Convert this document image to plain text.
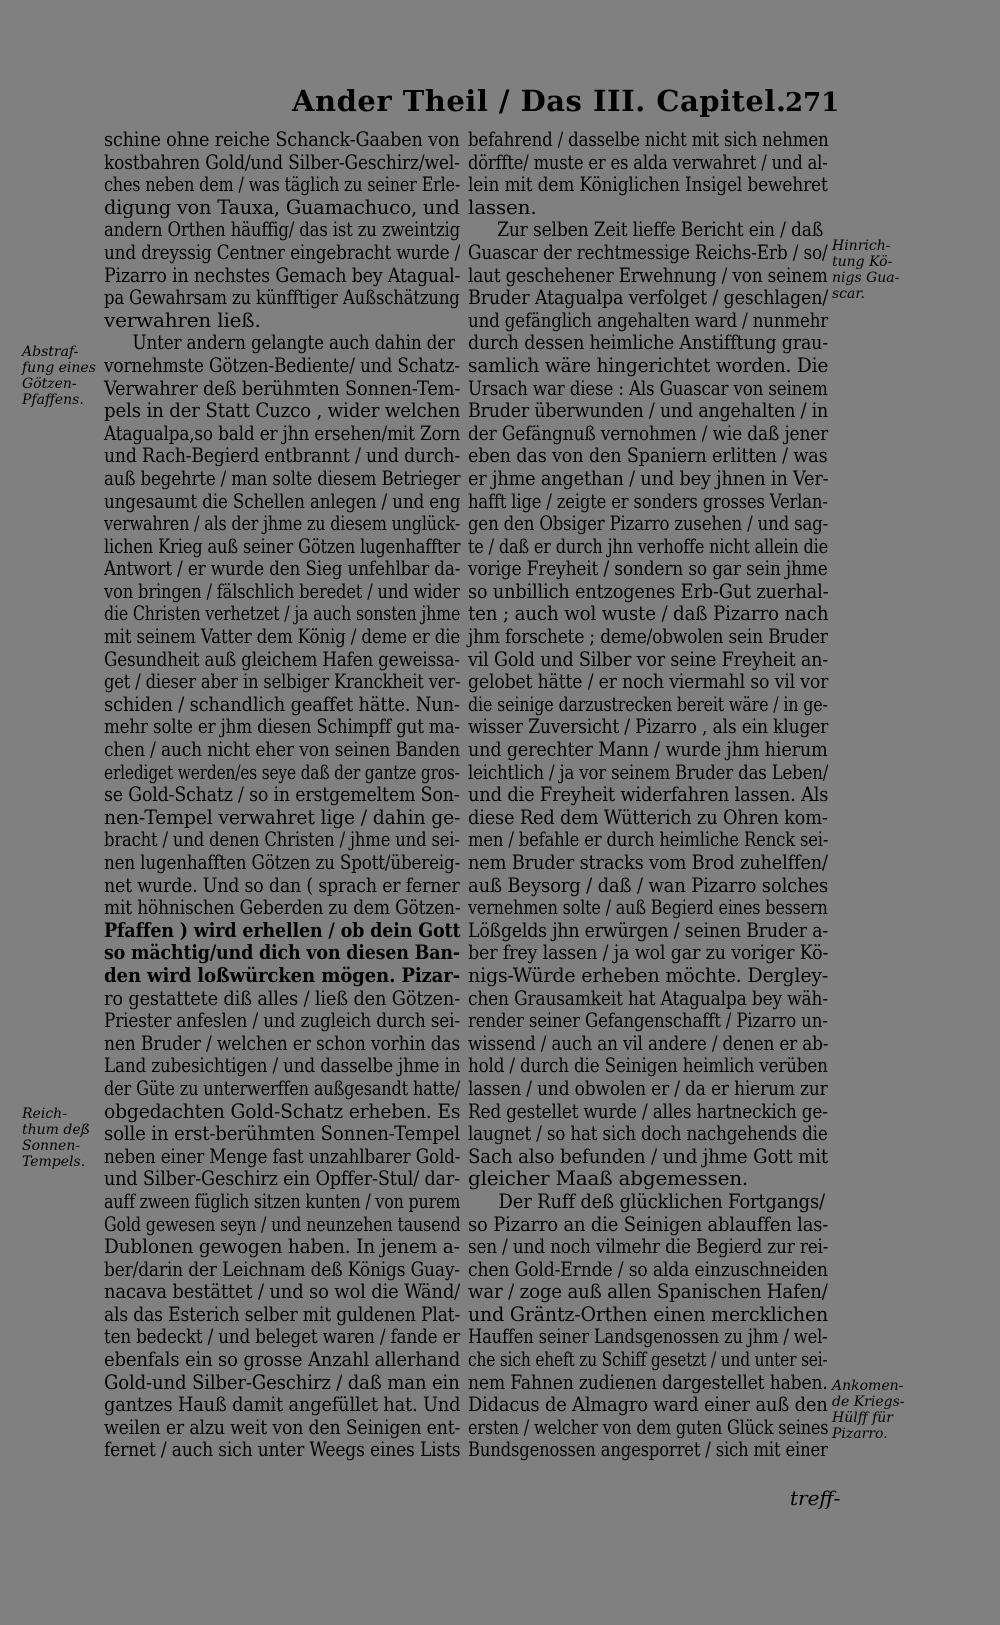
Ander Theil / Das III. Capitel.
271
schine ohne reiche Schanck-Gaaben von
kostbahren Gold/und Silber-Geschirz/wel-
ches neben dem / was täglich zu seiner Erle-
digung von Tauxa, Guamachuco, und
andern Orthen häuffig/ das ist zu zweintzig
und dreyssig Centner eingebracht wurde /
Pizarro in nechstes Gemach bey Atagual-
pa Gewahrsam zu künfftiger Außschätzung
verwahren ließ.
Unter andern gelangte auch dahin der
vornehmste Götzen-Bediente/ und Schatz-
Verwahrer deß berühmten Sonnen-Tem-
pels in der Statt Cuzco , wider welchen
Atagualpa,so bald er jhn ersehen/mit Zorn
und Rach-Begierd entbrannt / und durch-
auß begehrte / man solte diesem Betrieger
ungesaumt die Schellen anlegen / und eng
verwahren / als der jhme zu diesem unglück-
lichen Krieg auß seiner Götzen lugenhaffter
Antwort / er wurde den Sieg unfehlbar da-
von bringen / fälschlich beredet / und wider
die Christen verhetzet / ja auch sonsten jhme
mit seinem Vatter dem König / deme er die
Gesundheit auß gleichem Hafen geweissa-
get / dieser aber in selbiger Kranckheit ver-
schiden / schandlich geaffet hätte. Nun-
mehr solte er jhm diesen Schimpff gut ma-
chen / auch nicht eher von seinen Banden
erlediget werden/es seye daß der gantze gros-
se Gold-Schatz / so in erstgemeltem Son-
nen-Tempel verwahret lige / dahin ge-
bracht / und denen Christen / jhme und sei-
nen lugenhafften Götzen zu Spott/übereig-
net wurde. Und so dan ( sprach er ferner
mit höhnischen Geberden zu dem Götzen-
Pfaffen ) wird erhellen / ob dein Gott
so mächtig/und dich von diesen Ban-
den wird loßwürcken mögen. Pizar-
ro gestattete diß alles / ließ den Götzen-
Priester anfeslen / und zugleich durch sei-
nen Bruder / welchen er schon vorhin das
Land zubesichtigen / und dasselbe jhme in
der Güte zu unterwerffen außgesandt hatte/
obgedachten Gold-Schatz erheben. Es
solle in erst-berühmten Sonnen-Tempel
neben einer Menge fast unzahlbarer Gold-
und Silber-Geschirz ein Opffer-Stul/ dar-
auff zween füglich sitzen kunten / von purem
Gold gewesen seyn / und neunzehen tausend
Dublonen gewogen haben. In jenem a-
ber/darin der Leichnam deß Königs Guay-
nacava bestättet / und so wol die Wänd/
als das Esterich selber mit guldenen Plat-
ten bedeckt / und beleget waren / fande er
ebenfals ein so grosse Anzahl allerhand
Gold-und Silber-Geschirz / daß man ein
gantzes Hauß damit angefüllet hat. Und
weilen er alzu weit von den Seinigen ent-
fernet / auch sich unter Weegs eines Lists
befahrend / dasselbe nicht mit sich nehmen
dörffte/ muste er es alda verwahret / und al-
lein mit dem Königlichen Insigel bewehret
lassen.
Zur selben Zeit lieffe Bericht ein / daß
Guascar der rechtmessige Reichs-Erb / so/
laut geschehener Erwehnung / von seinem
Bruder Atagualpa verfolget / geschlagen/
und gefänglich angehalten ward / nunmehr
durch dessen heimliche Anstifftung grau-
samlich wäre hingerichtet worden. Die
Ursach war diese : Als Guascar von seinem
Bruder überwunden / und angehalten / in
der Gefängnuß vernohmen / wie daß jener
eben das von den Spaniern erlitten / was
er jhme angethan / und bey jhnen in Ver-
hafft lige / zeigte er sonders grosses Verlan-
gen den Obsiger Pizarro zusehen / und sag-
te / daß er durch jhn verhoffe nicht allein die
vorige Freyheit / sondern so gar sein jhme
so unbillich entzogenes Erb-Gut zuerhal-
ten ; auch wol wuste / daß Pizarro nach
jhm forschete ; deme/obwolen sein Bruder
vil Gold und Silber vor seine Freyheit an-
gelobet hätte / er noch viermahl so vil vor
die seinige darzustrecken bereit wäre / in ge-
wisser Zuversicht / Pizarro , als ein kluger
und gerechter Mann / wurde jhm hierum
leichtlich / ja vor seinem Bruder das Leben/
und die Freyheit widerfahren lassen. Als
diese Red dem Wütterich zu Ohren kom-
men / befahle er durch heimliche Renck sei-
nem Bruder stracks vom Brod zuhelffen/
auß Beysorg / daß / wan Pizarro solches
vernehmen solte / auß Begierd eines bessern
Lößgelds jhn erwürgen / seinen Bruder a-
ber frey lassen / ja wol gar zu voriger Kö-
nigs-Würde erheben möchte. Dergley-
chen Grausamkeit hat Atagualpa bey wäh-
render seiner Gefangenschafft / Pizarro un-
wissend / auch an vil andere / denen er ab-
hold / durch die Seinigen heimlich verüben
lassen / und obwolen er / da er hierum zur
Red gestellet wurde / alles hartneckich ge-
laugnet / so hat sich doch nachgehends die
Sach also befunden / und jhme Gott mit
gleicher Maaß abgemessen.
Der Ruff deß glücklichen Fortgangs/
so Pizarro an die Seinigen ablauffen las-
sen / und noch vilmehr die Begierd zur rei-
chen Gold-Ernde / so alda einzuschneiden
war / zoge auß allen Spanischen Hafen/
und Gräntz-Orthen einen mercklichen
Hauffen seiner Landsgenossen zu jhm / wel-
che sich eheft zu Schiff gesetzt / und unter sei-
nem Fahnen zudienen dargestellet haben.
Didacus de Almagro ward einer auß den
ersten / welcher von dem guten Glück seines
Bundsgenossen angesporret / sich mit einer
Abstraf-
fung eines
Götzen-
Pfaffens.
Reich-
thum deß
Sonnen-
Tempels.
Hinrich-
tung Kö-
nigs Gua-
scar.
Ankomen-
de Kriegs-
Hülff für
Pizarro.
treff-
